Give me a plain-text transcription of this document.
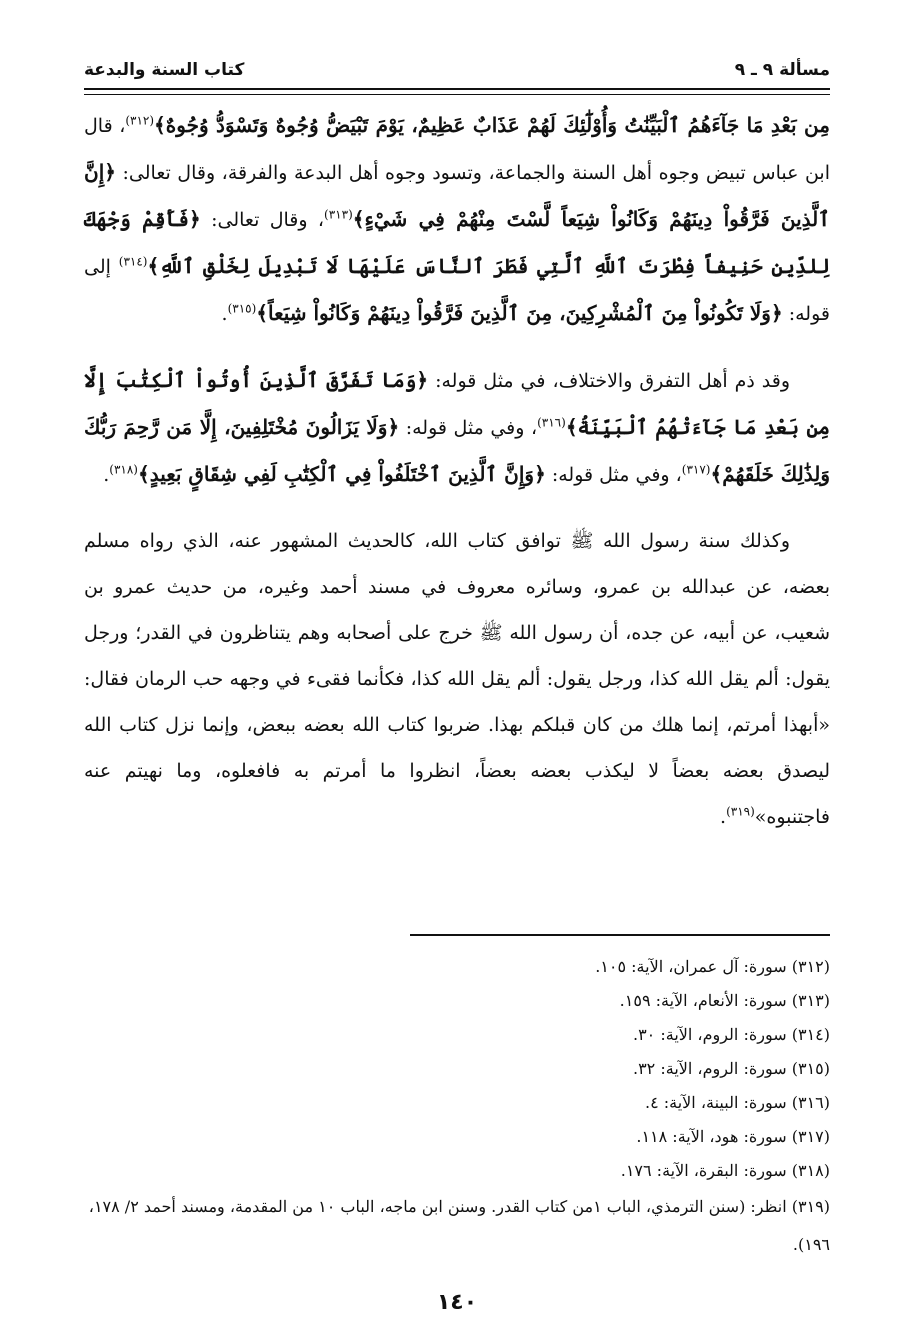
مسألة ٩ ـ ٩
كتاب السنة والبدعة

مِن بَعْدِ مَا جَآءَهُمُ ٱلْبَيِّنَٰتُ وَأُوْلَٰٓئِكَ لَهُمْ عَذَابٌ عَظِيمٌ، يَوْمَ تَبْيَضُّ وُجُوهٌ وَتَسْوَدُّ وُجُوهٌ﴾$^{(٣١٢)}$، قال ابن عباس تبيض وجوه أهل السنة والجماعة، وتسود وجوه أهل البدعة والفرقة، وقال تعالى: ﴿إِنَّ ٱلَّذِينَ فَرَّقُواْ دِينَهُمْ وَكَانُواْ شِيَعاً لَّسْتَ مِنْهُمْ فِي شَيْءٍ﴾$^{(٣١٣)}$، وقال تعالى: ﴿فَأَقِمْ وَجْهَكَ لِلدِّينِ حَنِيفاً فِطْرَتَ ٱللَّهِ ٱلَّتِي فَطَرَ ٱلنَّاسَ عَلَيْهَا لَا تَبْدِيلَ لِخَلْقِ ٱللَّهِ﴾$^{(٣١٤)}$ إلى قوله: ﴿وَلَا تَكُونُواْ مِنَ ٱلْمُشْرِكِينَ، مِنَ ٱلَّذِينَ فَرَّقُواْ دِينَهُمْ وَكَانُواْ شِيَعاً﴾$^{(٣١٥)}$.

وقد ذم أهل التفرق والاختلاف، في مثل قوله: ﴿وَمَا تَفَرَّقَ ٱلَّذِينَ أُوتُواْ ٱلْكِتَٰبَ إِلَّا مِن بَعْدِ مَا جَآءَتْهُمُ ٱلْبَيِّنَةُ﴾$^{(٣١٦)}$، وفي مثل قوله: ﴿وَلَا يَزَالُونَ مُخْتَلِفِينَ، إِلَّا مَن رَّحِمَ رَبُّكَ وَلِذَٰلِكَ خَلَقَهُمْ﴾$^{(٣١٧)}$، وفي مثل قوله: ﴿وَإِنَّ ٱلَّذِينَ ٱخْتَلَفُواْ فِي ٱلْكِتَٰبِ لَفِي شِقَاقٍ بَعِيدٍ﴾$^{(٣١٨)}$.

وكذلك سنة رسول الله ﷺ توافق كتاب الله، كالحديث المشهور عنه، الذي رواه مسلم بعضه، عن عبدالله بن عمرو، وسائره معروف في مسند أحمد وغيره، من حديث عمرو بن شعيب، عن أبيه، عن جده، أن رسول الله ﷺ خرج على أصحابه وهم يتناظرون في القدر؛ ورجل يقول: ألم يقل الله كذا، ورجل يقول: ألم يقل الله كذا، فكأنما فقىء في وجهه حب الرمان فقال: «أبهذا أمرتم، إنما هلك من كان قبلكم بهذا. ضربوا كتاب الله بعضه ببعض، وإنما نزل كتاب الله ليصدق بعضه بعضاً لا ليكذب بعضه بعضاً، انظروا ما أمرتم به فافعلوه، وما نهيتم عنه فاجتنبوه»$^{(٣١٩)}$.

(٣١٢) سورة: آل عمران، الآية: ١٠٥.

(٣١٣) سورة: الأنعام، الآية: ١٥٩.

(٣١٤) سورة: الروم، الآية: ٣٠.

(٣١٥) سورة: الروم، الآية: ٣٢.

(٣١٦) سورة: البينة، الآية: ٤.

(٣١٧) سورة: هود، الآية: ١١٨.

(٣١٨) سورة: البقرة، الآية: ١٧٦.

(٣١٩) انظر: (سنن الترمذي، الباب ١من كتاب القدر. وسنن ابن ماجه، الباب ١٠ من المقدمة، ومسند أحمد ٢/ ١٧٨، ١٩٦).

١٤٠
